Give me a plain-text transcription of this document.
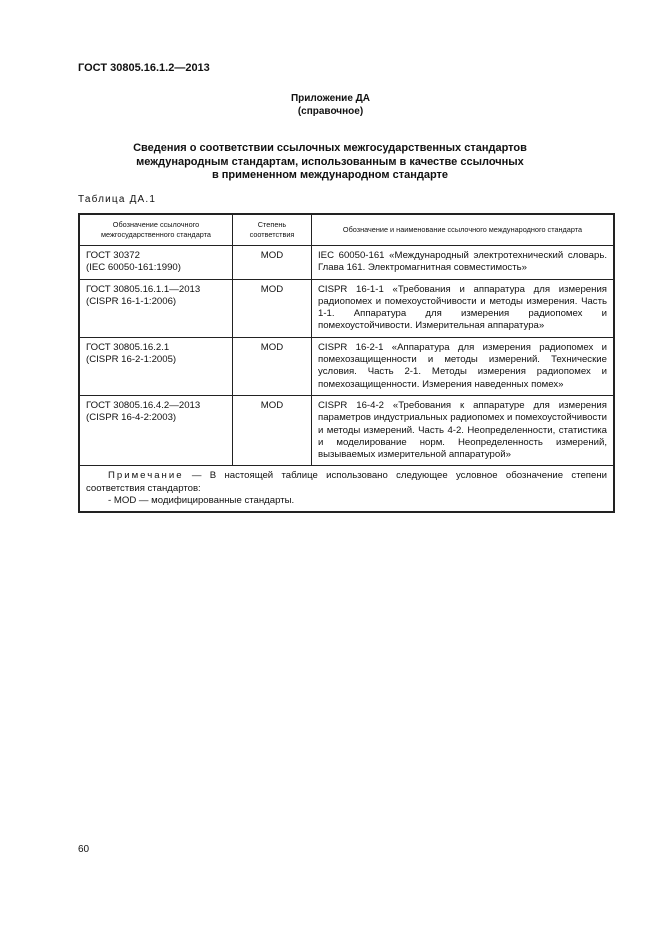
ГОСТ 30805.16.1.2—2013
Приложение ДА
(справочное)
Сведения о соответствии ссылочных межгосударственных стандартов
международным стандартам, использованным в качестве ссылочных
в примененном международном стандарте
Таблица ДА.1
Обозначение ссылочного межгосударственного стандарта	Степень соответствия	Обозначение и наименование ссылочного международного стандарта

ГОСТ 30372
(IEC 60050-161:1990)	MOD	IEC 60050-161 «Международный электротехнический словарь. Глава 161. Электромагнитная совместимость»

ГОСТ 30805.16.1.1—2013
(CISPR 16-1-1:2006)	MOD	CISPR 16-1-1 «Требования и аппаратура для измерения радиопомех и помехоустойчивости и методы измерения. Часть 1-1. Аппаратура для измерения радиопомех и помехоустойчивости. Измерительная аппаратура»

ГОСТ 30805.16.2.1
(CISPR 16-2-1:2005)	MOD	CISPR 16-2-1 «Аппаратура для измерения радиопомех и помехозащищенности и методы измерений. Технические условия. Часть 2-1. Методы измерения радиопомех и помехозащищенности. Измерения наведенных помех»

ГОСТ 30805.16.4.2—2013
(CISPR 16-4-2:2003)	MOD	CISPR 16-4-2 «Требования к аппаратуре для измерения параметров индустриальных радиопомех и помехоустойчивости и методы измерений. Часть 4-2. Неопределенности, статистика и моделирование норм. Неопределенность измерений, вызываемых измерительной аппаратурой»
Примечание — В настоящей таблице использовано следующее условное обозначение степени соответствия стандартов:
- MOD — модифицированные стандарты.		
60
